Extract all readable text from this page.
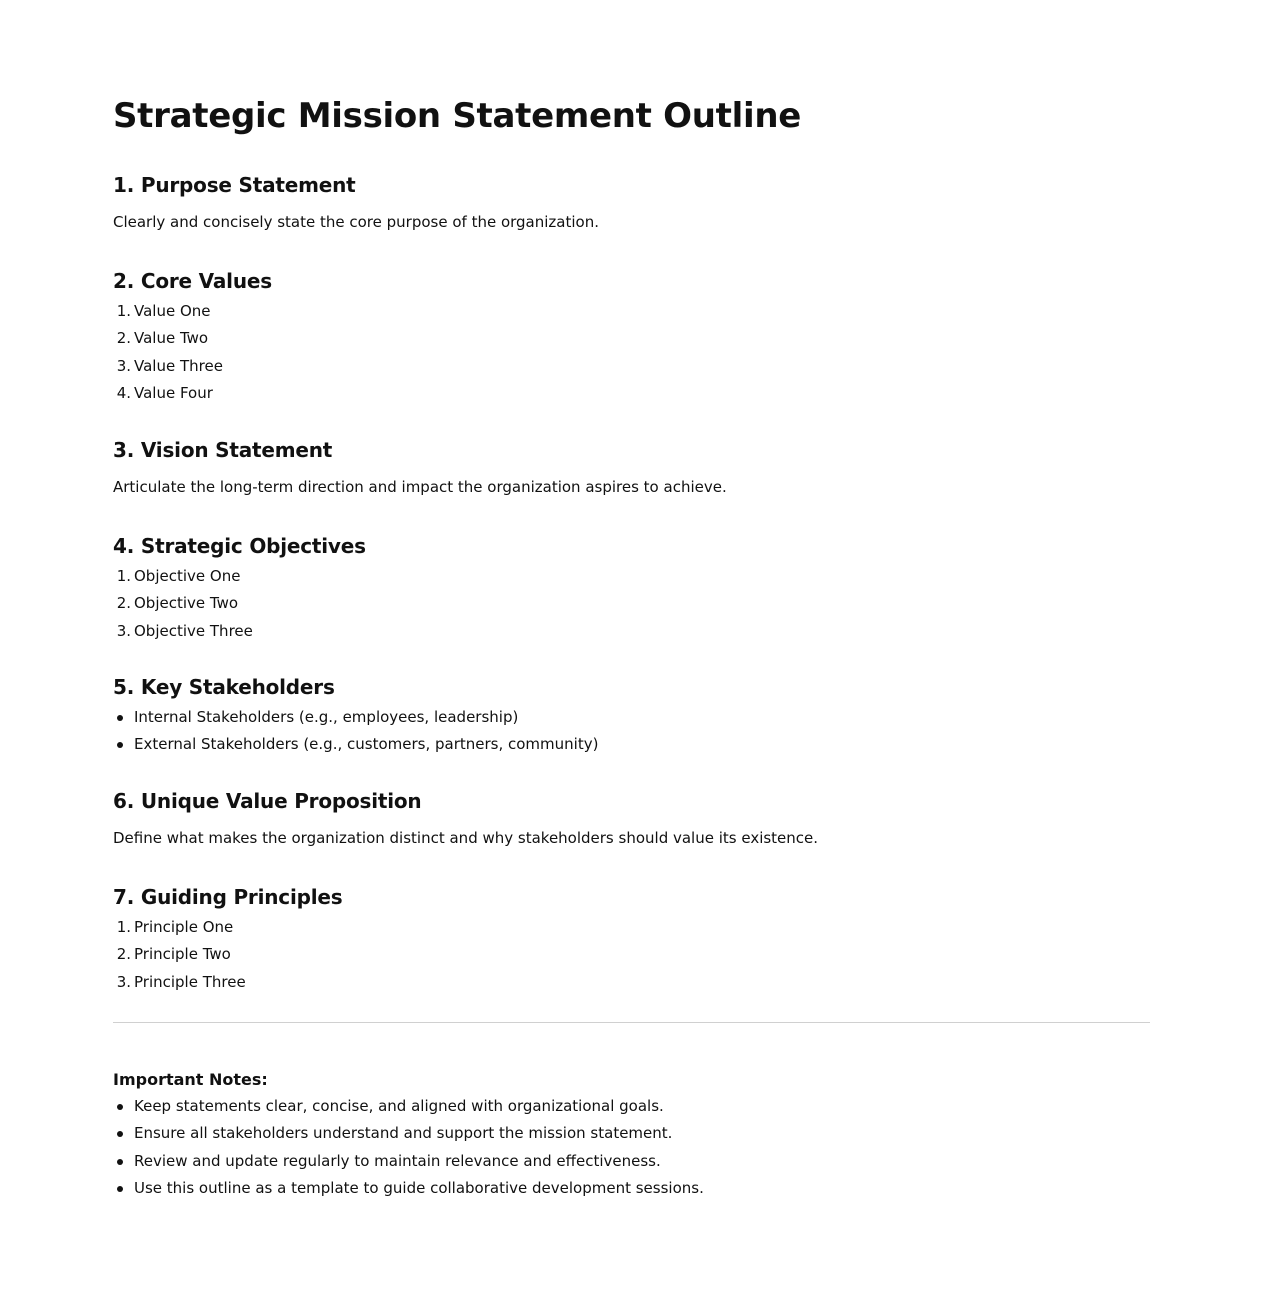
Strategic Mission Statement Outline
1. Purpose Statement

Clearly and concisely state the core purpose of the organization.

2. Core Values
1. Value One
2. Value Two
3. Value Three
4. Value Four
3. Vision Statement

Articulate the long-term direction and impact the organization aspires to achieve.

4. Strategic Objectives
1. Objective One
2. Objective Two
3. Objective Three
5. Key Stakeholders
Internal Stakeholders (e.g., employees, leadership)
External Stakeholders (e.g., customers, partners, community)
6. Unique Value Proposition

Define what makes the organization distinct and why stakeholders should value its existence.

7. Guiding Principles
1. Principle One
2. Principle Two
3. Principle Three
Important Notes:
Keep statements clear, concise, and aligned with organizational goals.
Ensure all stakeholders understand and support the mission statement.
Review and update regularly to maintain relevance and effectiveness.
Use this outline as a template to guide collaborative development sessions.
